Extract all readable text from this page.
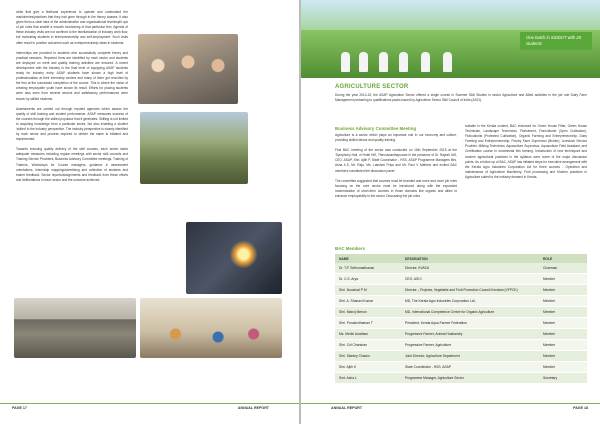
visits that give a firsthand experience to operate and understand the machineries/practices that they had gone through in the theory classes. It also gives them a clear idea of the administrative and organisational levels/split ups of job roles that enable a smooth functioning of that particular firm. Agenda of these industry visits are not confined to the familiarization of industry work flow, but motivating students in entrepreneurship and self-employment. Such visits often result in positive outcomes such as entrepreneurship ideas in students.

Internships are provided to students who successfully complete theory and practical sessions. Reported firms are identified by each sector and students are deployed on merit and quality training activities are ensured. A recent development with the industry is the final level of equipping ASAP students ready for industry entry. ASAP students have shown a high level of professionalism at their internship centers and many of them got recruited by the firm at the successful completion of the course. This is where the vision of creating employable youth have shown its result. Efforts for placing students were also seen from several sectors and satisfactory performances were shown by skilled students.

Assessments are carried out through reputed agencies which assess the quality of skill training and student performance. ASAP measures success of the courses through the skilled populace that it generates. Skilling is not limited to acquiring knowledge from a particular sector, but also enabling a student 'skilled' in the industry perspective. The industry perspective is closely identified by each sector and process required to deliver the same is initiated and implemented.

Towards ensuring quality delivery of the skill courses, each sector takes adequate measures including regular meetings with sector skill councils and Training Service Providers, Business Advisory Committee meetings, Training of Trainers, Workshops for Course managers, guidance & assessment orientations. Internship mapping/advertising and collection of students and trainer feedback. Sector reports/assignments and feedback from these efforts and deliberations in each sector and the outcome achieved.

PAGE 17	ANNUAL REPORT
One batch in SSIDOT with 28 students
AGRICULTURE SECTOR

During the year 2014-15, the ASAP Agriculture Sector offered a single course in Summer Skill Studies in sector Agriculture and Allied activities in the job role Dairy Farm Management pertaining to qualifications packs issued by Agriculture Sector Skill Council of India (ASCI).

Business Advisory Committee Meeting

Agriculture is a sector which plays an important role in our economy and culture, providing skilled labour and quality training.

First BAC meeting of the sector was conducted on 16th September 2015 at the 'Symphony Hall, of Hotel Hill', Thiruvananthapuram in the presence of Dr. Rajesh IAS, CEO, ASAP, Shri. Ajith P, State Coordinator - HSS, ASAP Programme Managers Mrs. Asha A.S, Mr. Raju, Ms. Lakshmi Priya and Mr. Paul V Mathew and invited BAC members constituted the discussion panel.

The committee suggested that courses must be branded and more and more job roles focusing on the core sector must be introduced along with the expanded modernisation of short-term courses in those domains like organic and allied to enhance employability in the sector. Discussing the job roles

suitable in the Kerala context, BAC endorsed for Green House Fitter, Green House Technician, Landscape Technician, Floristment, Floriculturist (Open Cultivation), Floriculturist (Protected Cultivation), Organic Farming and Entrepreneurship, Dairy Farming and Entrepreneurship, Poultry Farm Supervisor (Broiler), Livestock Service Provider, Milking Technician, Aquaculture Supervisor, Aquaculture Field Assistant, and Certification course in ornamental fish farming. Introduction of new techniques and modern agricultural practices in the syllabus were some of the major discussion points. As a follow up of BAC, ASAP has initiated steps for executive arrangement with the Kerala Agro Industries Corporation Ltd for three courses - Operation and maintenance of Agriculture Machinery, Fruit processing and Modern practices in Agriculture suited to the industry demand in Kerala.

BAC Members
NAME	DESIGNATION	ROLE
Dr. T.P. Sethumadhavan	Director, KVASU	Chairman
Dr. C.S. Arya	CEO, ASCI	Member
Shri. Noushad P M	Director – Projects, Vegetable and Fruit Promotion Council Keralam (VFPCK)	Member
Shri. A. Shanavi Kumar	MD, The Kerala Agro Industries Corporation Ltd,	Member
Shri. Manoj Menon	MD, International Competence Centre for Organic Agriculture	Member
Shri. Purushothaman T	President, Kerala Aqua Farmer Federation	Member
Ms. Merlin Anathasi	Progressive Farmer, Animal Husbandry	Member
Shri. Cirl Chandran	Progressive Farmer, Agriculture	Member
Shri. Stanley Chacko	Joint Director, Agriculture Department	Member
Shri. Ajith K	State Coordinator - HSS, ASAP	Member
Smt. Asha L	Programme Manager, Agriculture Sector	Secretary
ANNUAL REPORT	PAGE 18
